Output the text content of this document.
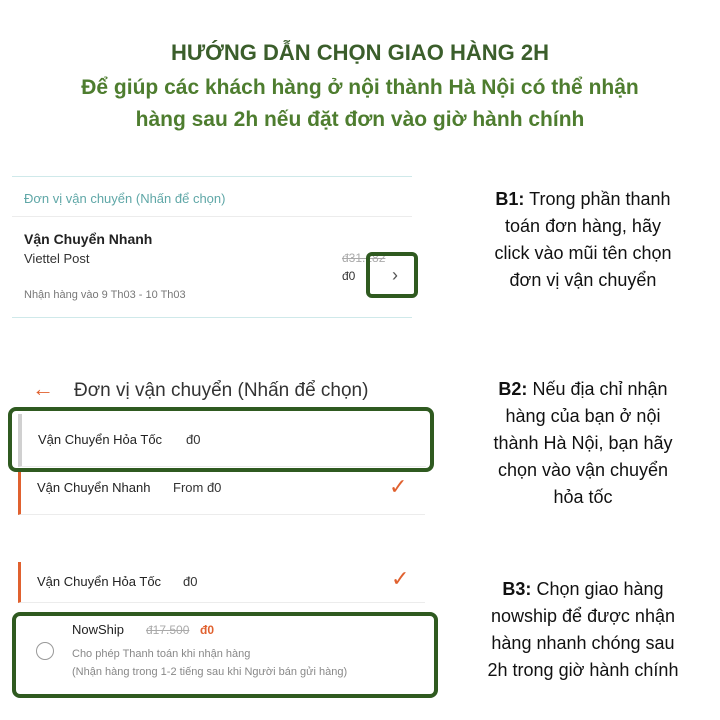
HƯỚNG DẪN CHỌN GIAO HÀNG 2H
Để giúp các khách hàng ở nội thành Hà Nội có thể nhận
hàng sau 2h nếu đặt đơn vào giờ hành chính
Đơn vị vận chuyển (Nhấn để chọn)
Vận Chuyển Nhanh
Viettel Post	đ31.182
đ0 ›
Nhận hàng vào 9 Th03 - 10 Th03
← Đơn vị vận chuyển (Nhấn để chọn)
Vận Chuyển Hỏa Tốc đ0
Vận Chuyển Nhanh From đ0	✓
Vận Chuyển Hỏa Tốc đ0	✓
NowShip đ17.500 đ0
Cho phép Thanh toán khi nhận hàng
(Nhận hàng trong 1-2 tiếng sau khi Người bán gửi hàng)
B1: Trong phần thanh
toán đơn hàng, hãy
click vào mũi tên chọn
đơn vị vận chuyển
B2: Nếu địa chỉ nhận
hàng của bạn ở nội
thành Hà Nội, bạn hãy
chọn vào vận chuyển
hỏa tốc
B3: Chọn giao hàng
nowship để được nhận
hàng nhanh chóng sau
2h trong giờ hành chính
